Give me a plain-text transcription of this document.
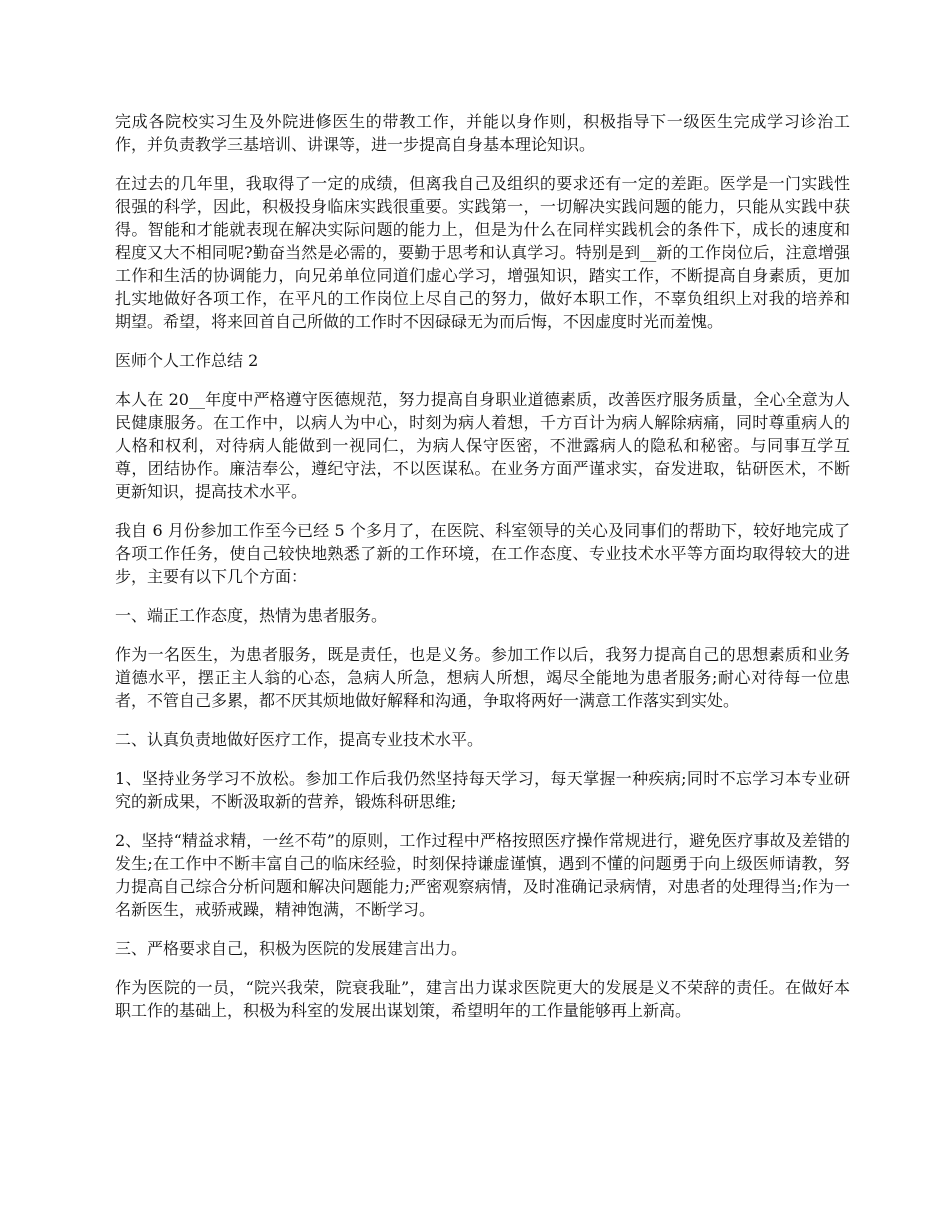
完成各院校实习生及外院进修医生的带教工作，并能以身作则，积极指导下一级医生完成学习诊治工作，并负责教学三基培训、讲课等，进一步提高自身基本理论知识。

在过去的几年里，我取得了一定的成绩，但离我自己及组织的要求还有一定的差距。医学是一门实践性很强的科学，因此，积极投身临床实践很重要。实践第一，一切解决实践问题的能力，只能从实践中获得。智能和才能就表现在解决实际问题的能力上，但是为什么在同样实践机会的条件下，成长的速度和程度又大不相同呢?勤奋当然是必需的，要勤于思考和认真学习。特别是到__新的工作岗位后，注意增强工作和生活的协调能力，向兄弟单位同道们虚心学习，增强知识，踏实工作，不断提高自身素质，更加扎实地做好各项工作，在平凡的工作岗位上尽自己的努力，做好本职工作，不辜负组织上对我的培养和期望。希望，将来回首自己所做的工作时不因碌碌无为而后悔，不因虚度时光而羞愧。

医师个人工作总结 2

本人在 20__年度中严格遵守医德规范，努力提高自身职业道德素质，改善医疗服务质量，全心全意为人民健康服务。在工作中，以病人为中心，时刻为病人着想，千方百计为病人解除病痛，同时尊重病人的人格和权利，对待病人能做到一视同仁，为病人保守医密，不泄露病人的隐私和秘密。与同事互学互尊，团结协作。廉洁奉公，遵纪守法，不以医谋私。在业务方面严谨求实，奋发进取，钻研医术，不断更新知识，提高技术水平。

我自 6 月份参加工作至今已经 5 个多月了，在医院、科室领导的关心及同事们的帮助下，较好地完成了各项工作任务，使自己较快地熟悉了新的工作环境，在工作态度、专业技术水平等方面均取得较大的进步，主要有以下几个方面：

一、端正工作态度，热情为患者服务。

作为一名医生，为患者服务，既是责任，也是义务。参加工作以后，我努力提高自己的思想素质和业务道德水平，摆正主人翁的心态，急病人所急，想病人所想，竭尽全能地为患者服务;耐心对待每一位患者，不管自己多累，都不厌其烦地做好解释和沟通，争取将两好一满意工作落实到实处。

二、认真负责地做好医疗工作，提高专业技术水平。

1、坚持业务学习不放松。参加工作后我仍然坚持每天学习，每天掌握一种疾病;同时不忘学习本专业研究的新成果，不断汲取新的营养，锻炼科研思维;

2、坚持“精益求精，一丝不苟”的原则，工作过程中严格按照医疗操作常规进行，避免医疗事故及差错的发生;在工作中不断丰富自己的临床经验，时刻保持谦虚谨慎，遇到不懂的问题勇于向上级医师请教，努力提高自己综合分析问题和解决问题能力;严密观察病情，及时准确记录病情，对患者的处理得当;作为一名新医生，戒骄戒躁，精神饱满，不断学习。

三、严格要求自己，积极为医院的发展建言出力。

作为医院的一员，“院兴我荣，院衰我耻”，建言出力谋求医院更大的发展是义不荣辞的责任。在做好本职工作的基础上，积极为科室的发展出谋划策，希望明年的工作量能够再上新高。
